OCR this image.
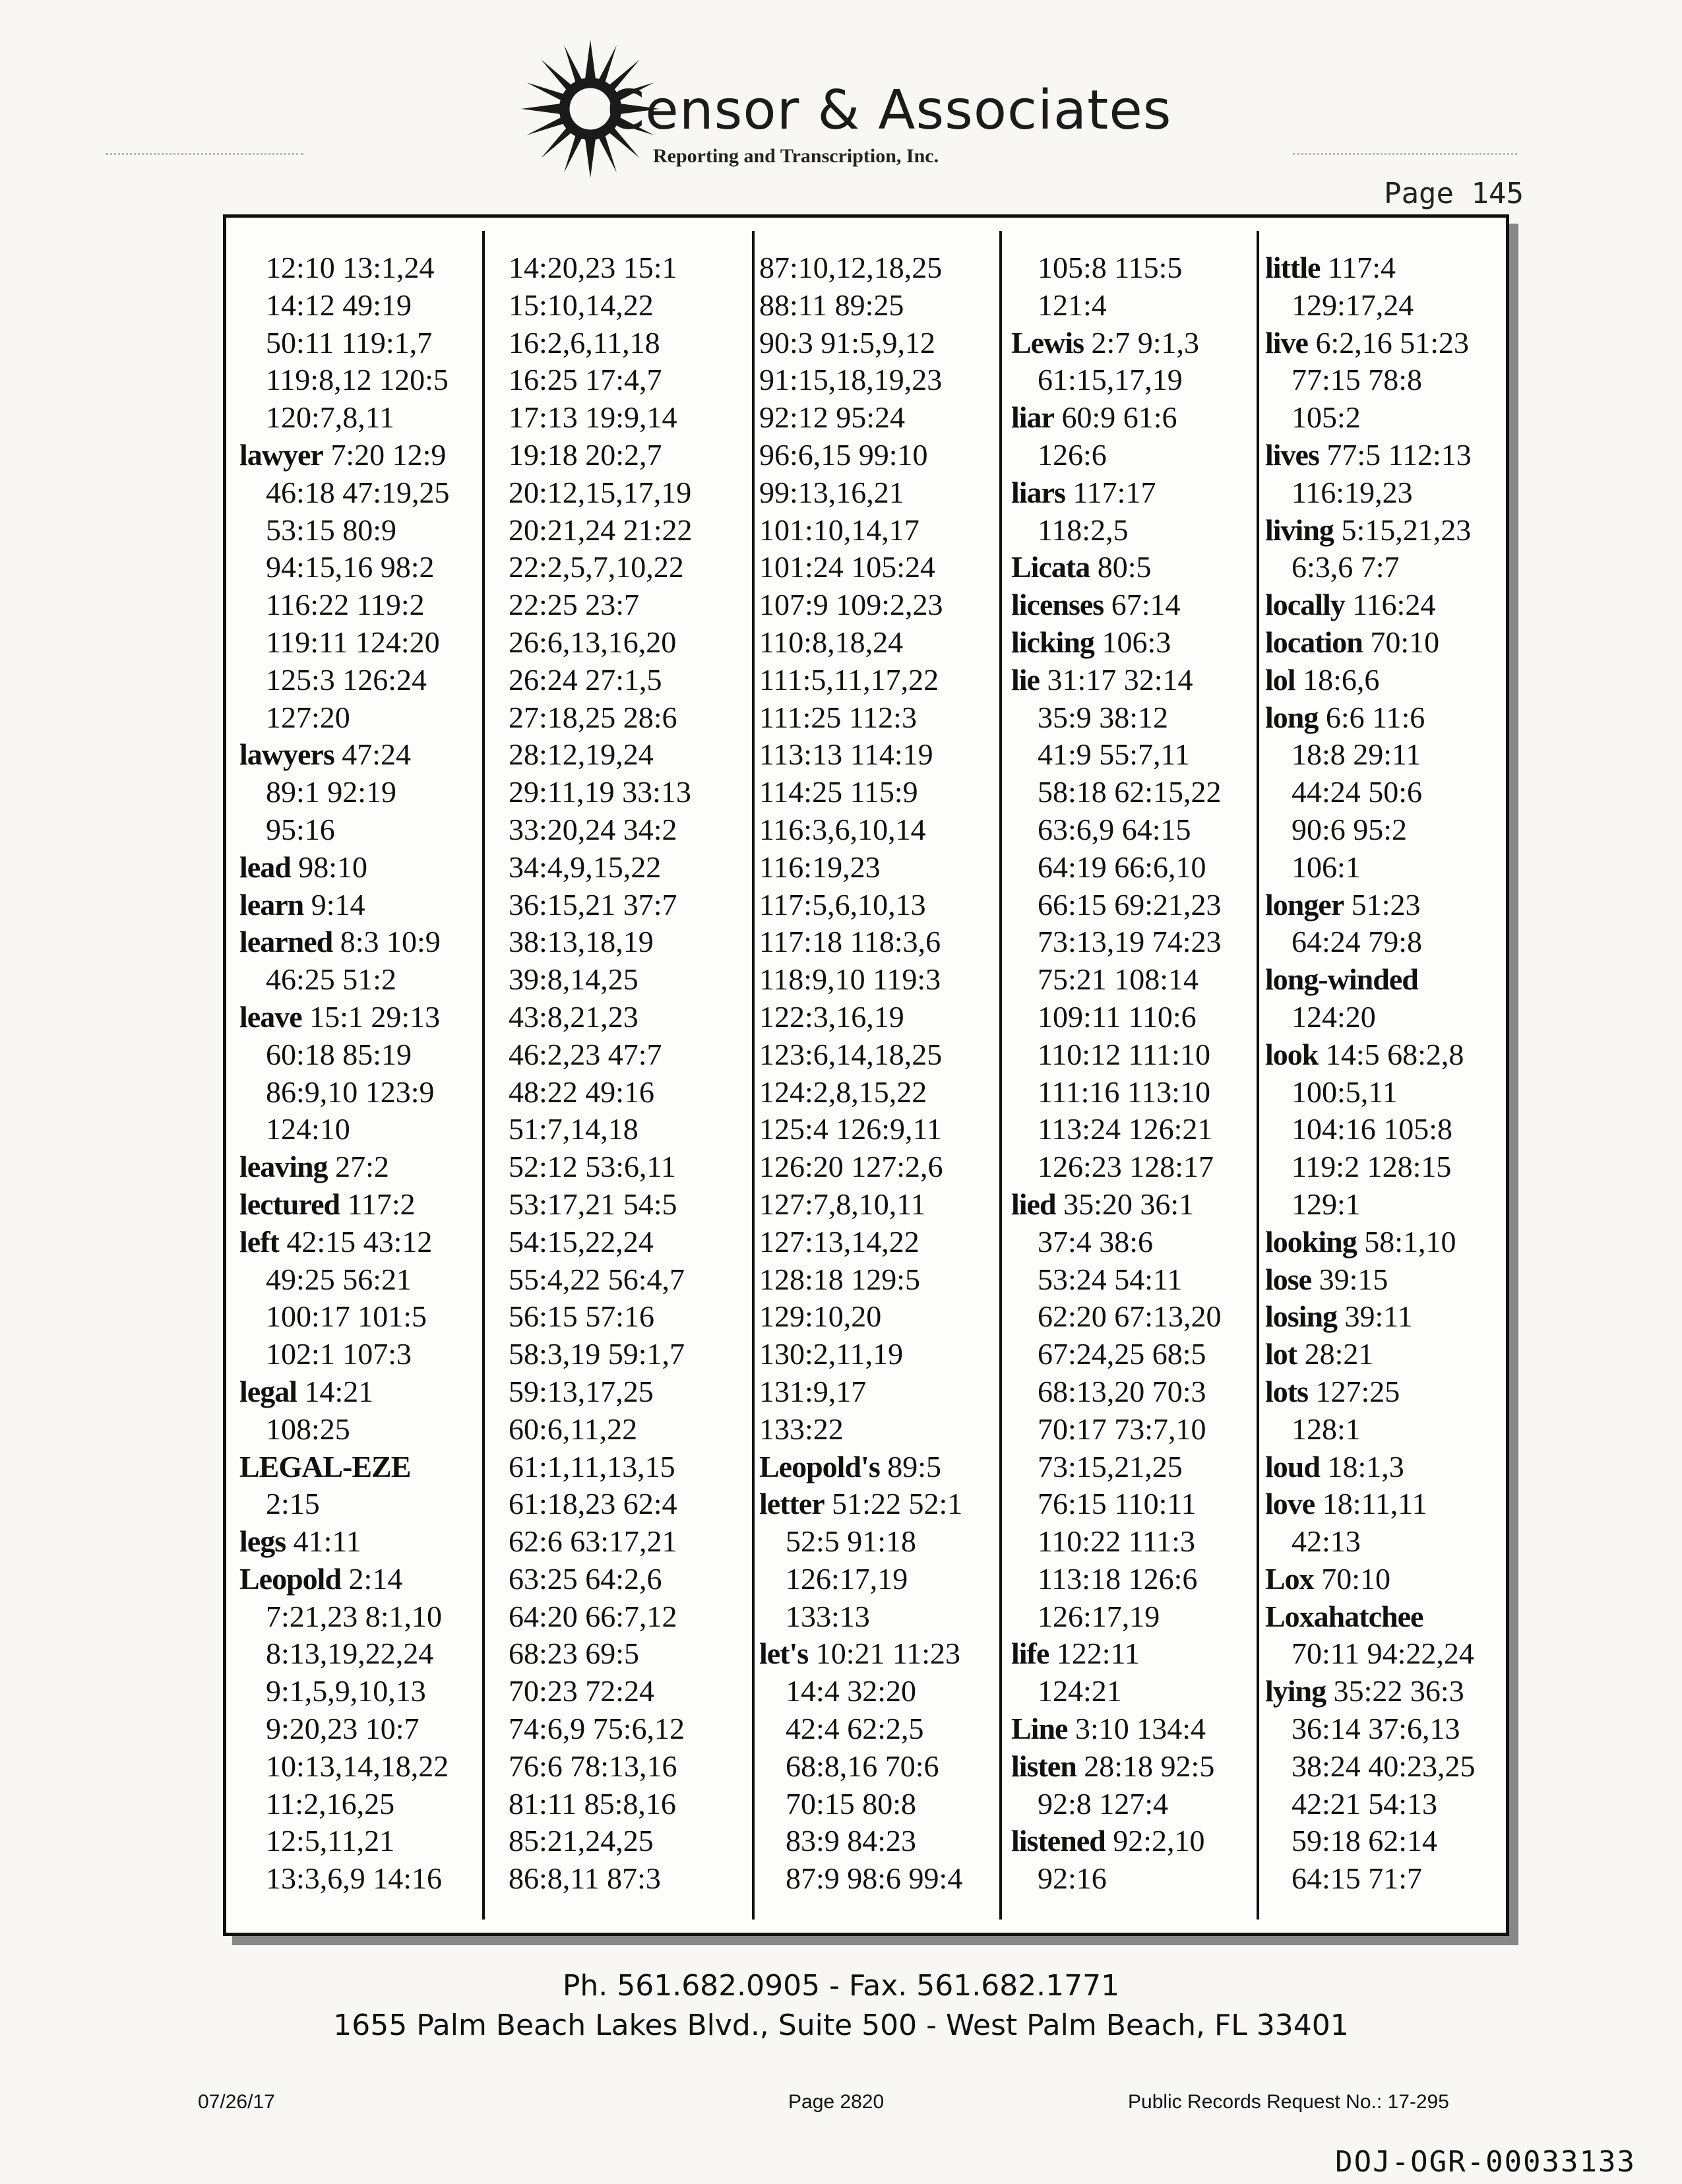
Censor & Associates
Reporting and Transcription, Inc.
Page 145
12:10 13:1,24
14:12 49:19
50:11 119:1,7
119:8,12 120:5
120:7,8,11
lawyer 7:20 12:9
46:18 47:19,25
53:15 80:9
94:15,16 98:2
116:22 119:2
119:11 124:20
125:3 126:24
127:20
lawyers 47:24
89:1 92:19
95:16
lead 98:10
learn 9:14
learned 8:3 10:9
46:25 51:2
leave 15:1 29:13
60:18 85:19
86:9,10 123:9
124:10
leaving 27:2
lectured 117:2
left 42:15 43:12
49:25 56:21
100:17 101:5
102:1 107:3
legal 14:21
108:25
LEGAL-EZE
2:15
legs 41:11
Leopold 2:14
7:21,23 8:1,10
8:13,19,22,24
9:1,5,9,10,13
9:20,23 10:7
10:13,14,18,22
11:2,16,25
12:5,11,21
13:3,6,9 14:16
14:20,23 15:1
15:10,14,22
16:2,6,11,18
16:25 17:4,7
17:13 19:9,14
19:18 20:2,7
20:12,15,17,19
20:21,24 21:22
22:2,5,7,10,22
22:25 23:7
26:6,13,16,20
26:24 27:1,5
27:18,25 28:6
28:12,19,24
29:11,19 33:13
33:20,24 34:2
34:4,9,15,22
36:15,21 37:7
38:13,18,19
39:8,14,25
43:8,21,23
46:2,23 47:7
48:22 49:16
51:7,14,18
52:12 53:6,11
53:17,21 54:5
54:15,22,24
55:4,22 56:4,7
56:15 57:16
58:3,19 59:1,7
59:13,17,25
60:6,11,22
61:1,11,13,15
61:18,23 62:4
62:6 63:17,21
63:25 64:2,6
64:20 66:7,12
68:23 69:5
70:23 72:24
74:6,9 75:6,12
76:6 78:13,16
81:11 85:8,16
85:21,24,25
86:8,11 87:3
87:10,12,18,25
88:11 89:25
90:3 91:5,9,12
91:15,18,19,23
92:12 95:24
96:6,15 99:10
99:13,16,21
101:10,14,17
101:24 105:24
107:9 109:2,23
110:8,18,24
111:5,11,17,22
111:25 112:3
113:13 114:19
114:25 115:9
116:3,6,10,14
116:19,23
117:5,6,10,13
117:18 118:3,6
118:9,10 119:3
122:3,16,19
123:6,14,18,25
124:2,8,15,22
125:4 126:9,11
126:20 127:2,6
127:7,8,10,11
127:13,14,22
128:18 129:5
129:10,20
130:2,11,19
131:9,17
133:22
Leopold's 89:5
letter 51:22 52:1
52:5 91:18
126:17,19
133:13
let's 10:21 11:23
14:4 32:20
42:4 62:2,5
68:8,16 70:6
70:15 80:8
83:9 84:23
87:9 98:6 99:4
105:8 115:5
121:4
Lewis 2:7 9:1,3
61:15,17,19
liar 60:9 61:6
126:6
liars 117:17
118:2,5
Licata 80:5
licenses 67:14
licking 106:3
lie 31:17 32:14
35:9 38:12
41:9 55:7,11
58:18 62:15,22
63:6,9 64:15
64:19 66:6,10
66:15 69:21,23
73:13,19 74:23
75:21 108:14
109:11 110:6
110:12 111:10
111:16 113:10
113:24 126:21
126:23 128:17
lied 35:20 36:1
37:4 38:6
53:24 54:11
62:20 67:13,20
67:24,25 68:5
68:13,20 70:3
70:17 73:7,10
73:15,21,25
76:15 110:11
110:22 111:3
113:18 126:6
126:17,19
life 122:11
124:21
Line 3:10 134:4
listen 28:18 92:5
92:8 127:4
listened 92:2,10
92:16
little 117:4
129:17,24
live 6:2,16 51:23
77:15 78:8
105:2
lives 77:5 112:13
116:19,23
living 5:15,21,23
6:3,6 7:7
locally 116:24
location 70:10
lol 18:6,6
long 6:6 11:6
18:8 29:11
44:24 50:6
90:6 95:2
106:1
longer 51:23
64:24 79:8
long-winded
124:20
look 14:5 68:2,8
100:5,11
104:16 105:8
119:2 128:15
129:1
looking 58:1,10
lose 39:15
losing 39:11
lot 28:21
lots 127:25
128:1
loud 18:1,3
love 18:11,11
42:13
Lox 70:10
Loxahatchee
70:11 94:22,24
lying 35:22 36:3
36:14 37:6,13
38:24 40:23,25
42:21 54:13
59:18 62:14
64:15 71:7
Ph. 561.682.0905 - Fax. 561.682.1771
1655 Palm Beach Lakes Blvd., Suite 500 - West Palm Beach, FL 33401
07/26/17	Page 2820	Public Records Request No.: 17-295
DOJ-OGR-00033133
